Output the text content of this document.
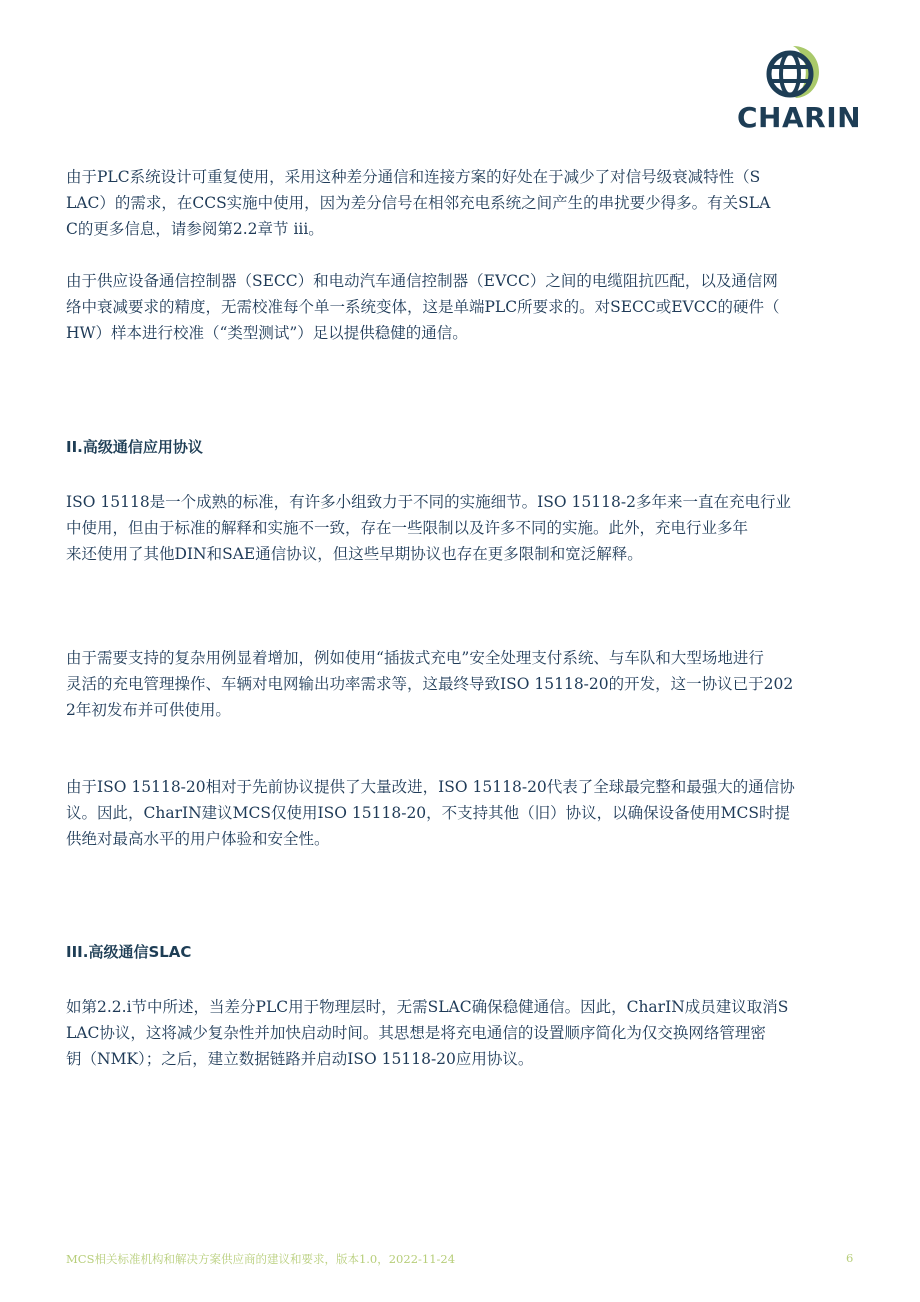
CHARIN

由于PLC系统设计可重复使用，采用这种差分通信和连接方案的好处在于减少了对信号级衰减特性（S
LAC）的需求，在CCS实施中使用，因为差分信号在相邻充电系统之间产生的串扰要少得多。有关SLA
C的更多信息，请参阅第2.2章节 iii。

由于供应设备通信控制器（SECC）和电动汽车通信控制器（EVCC）之间的电缆阻抗匹配，以及通信网
络中衰减要求的精度，无需校准每个单一系统变体，这是单端PLC所要求的。对SECC或EVCC的硬件（
HW）样本进行校准（“类型测试”）足以提供稳健的通信。

II.高级通信应用协议

ISO 15118是一个成熟的标准，有许多小组致力于不同的实施细节。ISO 15118-2多年来一直在充电行业
中使用，但由于标准的解释和实施不一致，存在一些限制以及许多不同的实施。此外，充电行业多年
来还使用了其他DIN和SAE通信协议，但这些早期协议也存在更多限制和宽泛解释。

由于需要支持的复杂用例显着增加，例如使用“插拔式充电”安全处理支付系统、与车队和大型场地进行
灵活的充电管理操作、车辆对电网输出功率需求等，这最终导致ISO 15118-20的开发，这一协议已于202
2年初发布并可供使用。

由于ISO 15118-20相对于先前协议提供了大量改进，ISO 15118-20代表了全球最完整和最强大的通信协
议。因此，CharIN建议MCS仅使用ISO 15118-20，不支持其他（旧）协议，以确保设备使用MCS时提
供绝对最高水平的用户体验和安全性。

III.高级通信SLAC

如第2.2.i节中所述，当差分PLC用于物理层时，无需SLAC确保稳健通信。因此，CharIN成员建议取消S
LAC协议，这将减少复杂性并加快启动时间。其思想是将充电通信的设置顺序简化为仅交换网络管理密
钥（NMK）；之后，建立数据链路并启动ISO 15118-20应用协议。

MCS相关标准机构和解决方案供应商的建议和要求，版本1.0，2022-11-24	6
